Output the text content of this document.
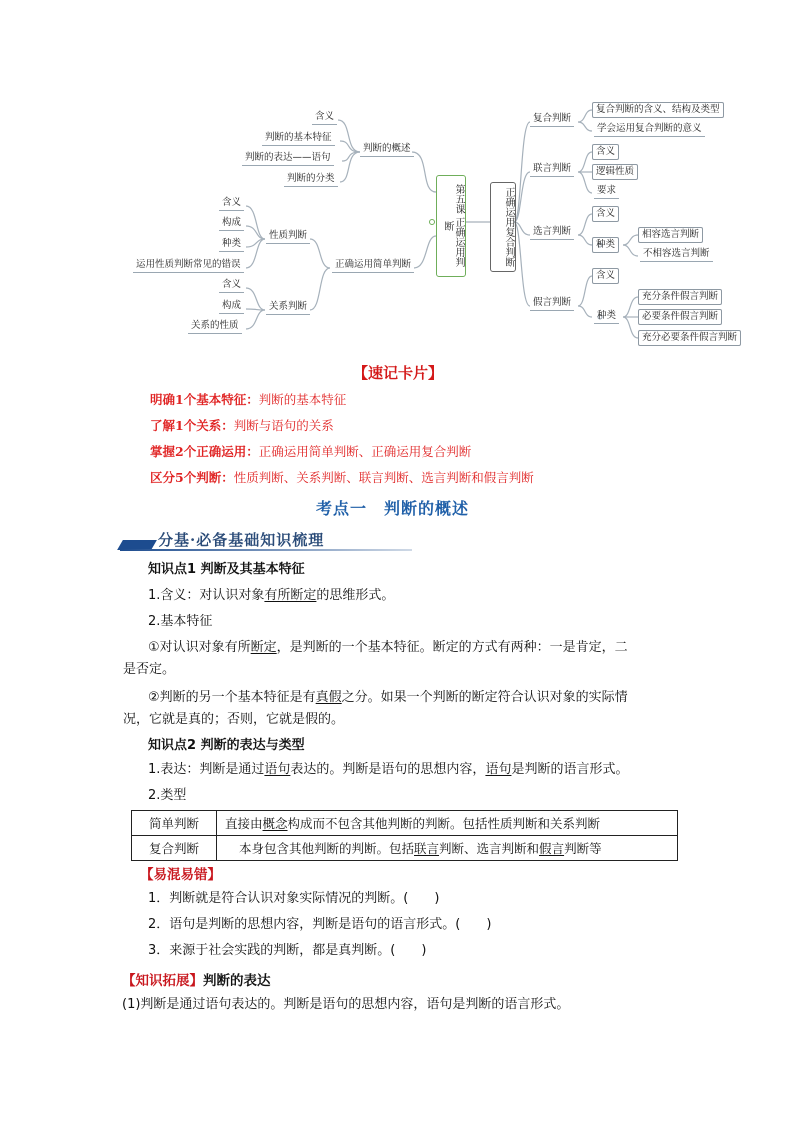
第五课 正确运用判断	正确运用复合判断
判断的概述
含义
判断的基本特征
判断的表达——语句
判断的分类
正确运用简单判断
性质判断
含义
构成
种类
运用性质判断常见的错误
关系判断
含义
构成
关系的性质
复合判断
复合判断的含义、结构及类型
学会运用复合判断的意义
联言判断
含义
逻辑性质
要求
选言判断
含义
种类
相容选言判断
不相容选言判断
假言判断
含义
种类
充分条件假言判断
必要条件假言判断
充分必要条件假言判断
【速记卡片】
明确1个基本特征：判断的基本特征
了解1个关系：判断与语句的关系
掌握2个正确运用：正确运用简单判断、正确运用复合判断
区分5个判断：性质判断、关系判断、联言判断、选言判断和假言判断
考点一　判断的概述
分基·必备基础知识梳理
知识点1 判断及其基本特征
1.含义：对认识对象有所断定的思维形式。
2.基本特征
①对认识对象有所断定，是判断的一个基本特征。断定的方式有两种：一是肯定，二
是否定。
②判断的另一个基本特征是有真假之分。如果一个判断的断定符合认识对象的实际情
况，它就是真的；否则，它就是假的。
知识点2 判断的表达与类型
1.表达：判断是通过语句表达的。判断是语句的思想内容，语句是判断的语言形式。
2.类型
简单判断	直接由概念构成而不包含其他判断的判断。包括性质判断和关系判断
复合判断	本身包含其他判断的判断。包括联言判断、选言判断和假言判断等
【易混易错】
1．判断就是符合认识对象实际情况的判断。(　　)
2．语句是判断的思想内容，判断是语句的语言形式。(　　)
3．来源于社会实践的判断，都是真判断。(　　)
【知识拓展】判断的表达
(1)判断是通过语句表达的。判断是语句的思想内容，语句是判断的语言形式。
